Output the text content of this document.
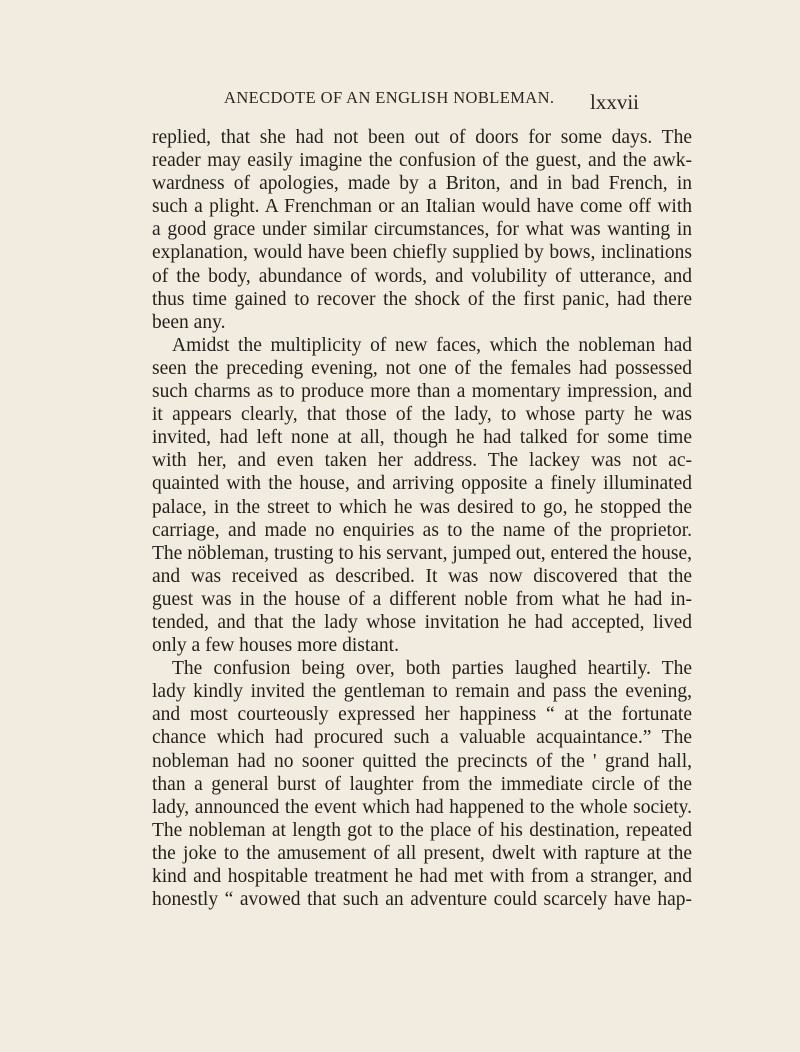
ANECDOTE OF AN ENGLISH NOBLEMAN. lxxvii
replied, that she had not been out of doors for some days. The
reader may easily imagine the confusion of the guest, and the awk-
wardness of apologies, made by a Briton, and in bad French, in
such a plight. A Frenchman or an Italian would have come off with
a good grace under similar circumstances, for what was wanting in
explanation, would have been chiefly supplied by bows, inclinations
of the body, abundance of words, and volubility of utterance, and
thus time gained to recover the shock of the first panic, had there
been any.
Amidst the multiplicity of new faces, which the nobleman had
seen the preceding evening, not one of the females had possessed
such charms as to produce more than a momentary impression, and
it appears clearly, that those of the lady, to whose party he was
invited, had left none at all, though he had talked for some time
with her, and even taken her address. The lackey was not ac-
quainted with the house, and arriving opposite a finely illuminated
palace, in the street to which he was desired to go, he stopped the
carriage, and made no enquiries as to the name of the proprietor.
The nöbleman, trusting to his servant, jumped out, entered the house,
and was received as described. It was now discovered that the
guest was in the house of a different noble from what he had in-
tended, and that the lady whose invitation he had accepted, lived
only a few houses more distant.
The confusion being over, both parties laughed heartily. The
lady kindly invited the gentleman to remain and pass the evening,
and most courteously expressed her happiness “ at the fortunate
chance which had procured such a valuable acquaintance.” The
nobleman had no sooner quitted the precincts of the ' grand hall,
than a general burst of laughter from the immediate circle of the
lady, announced the event which had happened to the whole society.
The nobleman at length got to the place of his destination, repeated
the joke to the amusement of all present, dwelt with rapture at the
kind and hospitable treatment he had met with from a stranger, and
honestly “ avowed that such an adventure could scarcely have hap-
